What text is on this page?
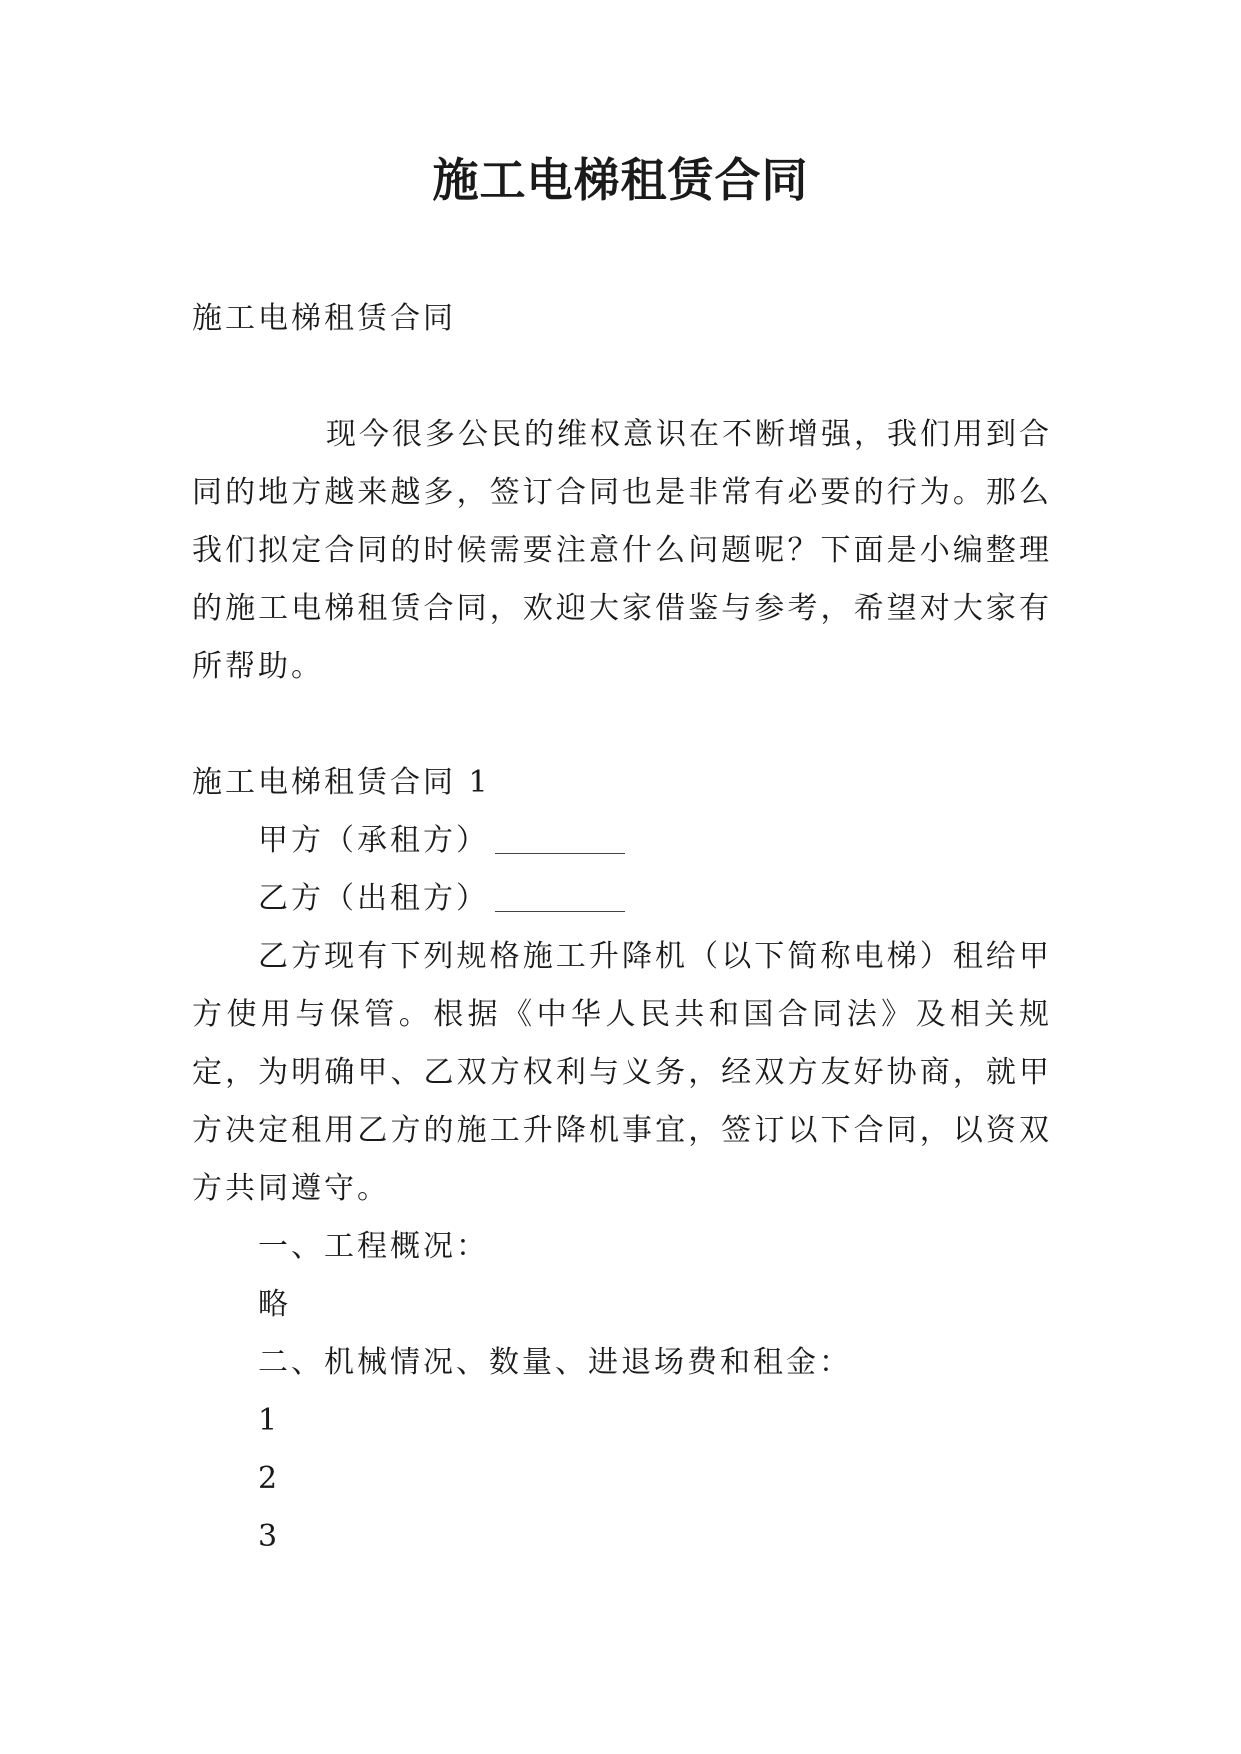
施工电梯租赁合同
施工电梯租赁合同
现今很多公民的维权意识在不断增强，我们用到合同的地方越来越多，签订合同也是非常有必要的行为。那么我们拟定合同的时候需要注意什么问题呢？下面是小编整理的施工电梯租赁合同，欢迎大家借鉴与参考，希望对大家有所帮助。

施工电梯租赁合同 1

甲方（承租方）

乙方（出租方）

乙方现有下列规格施工升降机（以下简称电梯）租给甲方使用与保管。根据《中华人民共和国合同法》及相关规定，为明确甲、乙双方权利与义务，经双方友好协商，就甲方决定租用乙方的施工升降机事宜，签订以下合同，以资双方共同遵守。

一、工程概况：

略

二、机械情况、数量、进退场费和租金：

1

2

3
